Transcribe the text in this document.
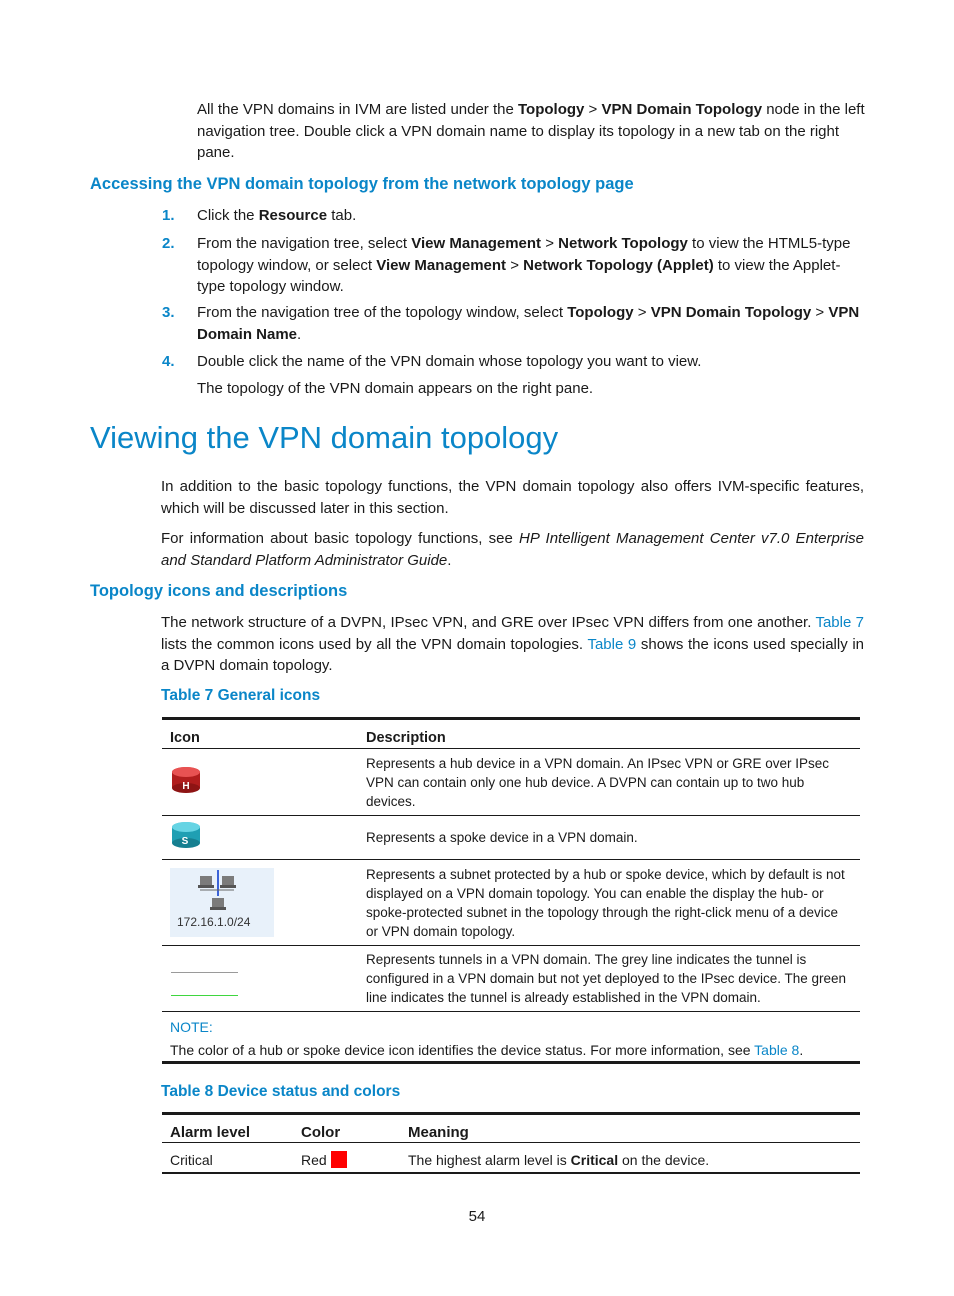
All the VPN domains in IVM are listed under the Topology > VPN Domain Topology node in the left navigation tree. Double click a VPN domain name to display its topology in a new tab on the right pane.

Accessing the VPN domain topology from the network topology page
1.	Click the Resource tab.
2.	From the navigation tree, select View Management > Network Topology to view the HTML5-type topology window, or select View Management > Network Topology (Applet) to view the Applet-type topology window.

3.	From the navigation tree of the topology window, select Topology > VPN Domain Topology > VPN Domain Name.

4.	Double click the name of the VPN domain whose topology you want to view.

The topology of the VPN domain appears on the right pane.

Viewing the VPN domain topology

In addition to the basic topology functions, the VPN domain topology also offers IVM-specific features, which will be discussed later in this section.

For information about basic topology functions, see HP Intelligent Management Center v7.0 Enterprise and Standard Platform Administrator Guide.

Topology icons and descriptions

The network structure of a DVPN, IPsec VPN, and GRE over IPsec VPN differs from one another. Table 7 lists the common icons used by all the VPN domain topologies. Table 9 shows the icons used specially in a DVPN domain topology.

Table 7 General icons
Icon	Description

H	Represents a hub device in a VPN domain. An IPsec VPN or GRE over IPsec VPN can contain only one hub device. A DVPN can contain up to two hub devices.

S	Represents a spoke device in a VPN domain.

172.16.1.0/24	Represents a subnet protected by a hub or spoke device, which by default is not displayed on a VPN domain topology. You can enable the display the hub- or spoke-protected subnet in the topology through the right-click menu of a device or VPN domain topology.

	Represents tunnels in a VPN domain. The grey line indicates the tunnel is configured in a VPN domain but not yet deployed to the IPsec device. The green line indicates the tunnel is already established in the VPN domain.

NOTE:
The color of a hub or spoke device icon identifies the device status. For more information, see Table 8.	
Table 8 Device status and colors
Alarm level	Color	Meaning
Critical	Red	The highest alarm level is Critical on the device.
54
